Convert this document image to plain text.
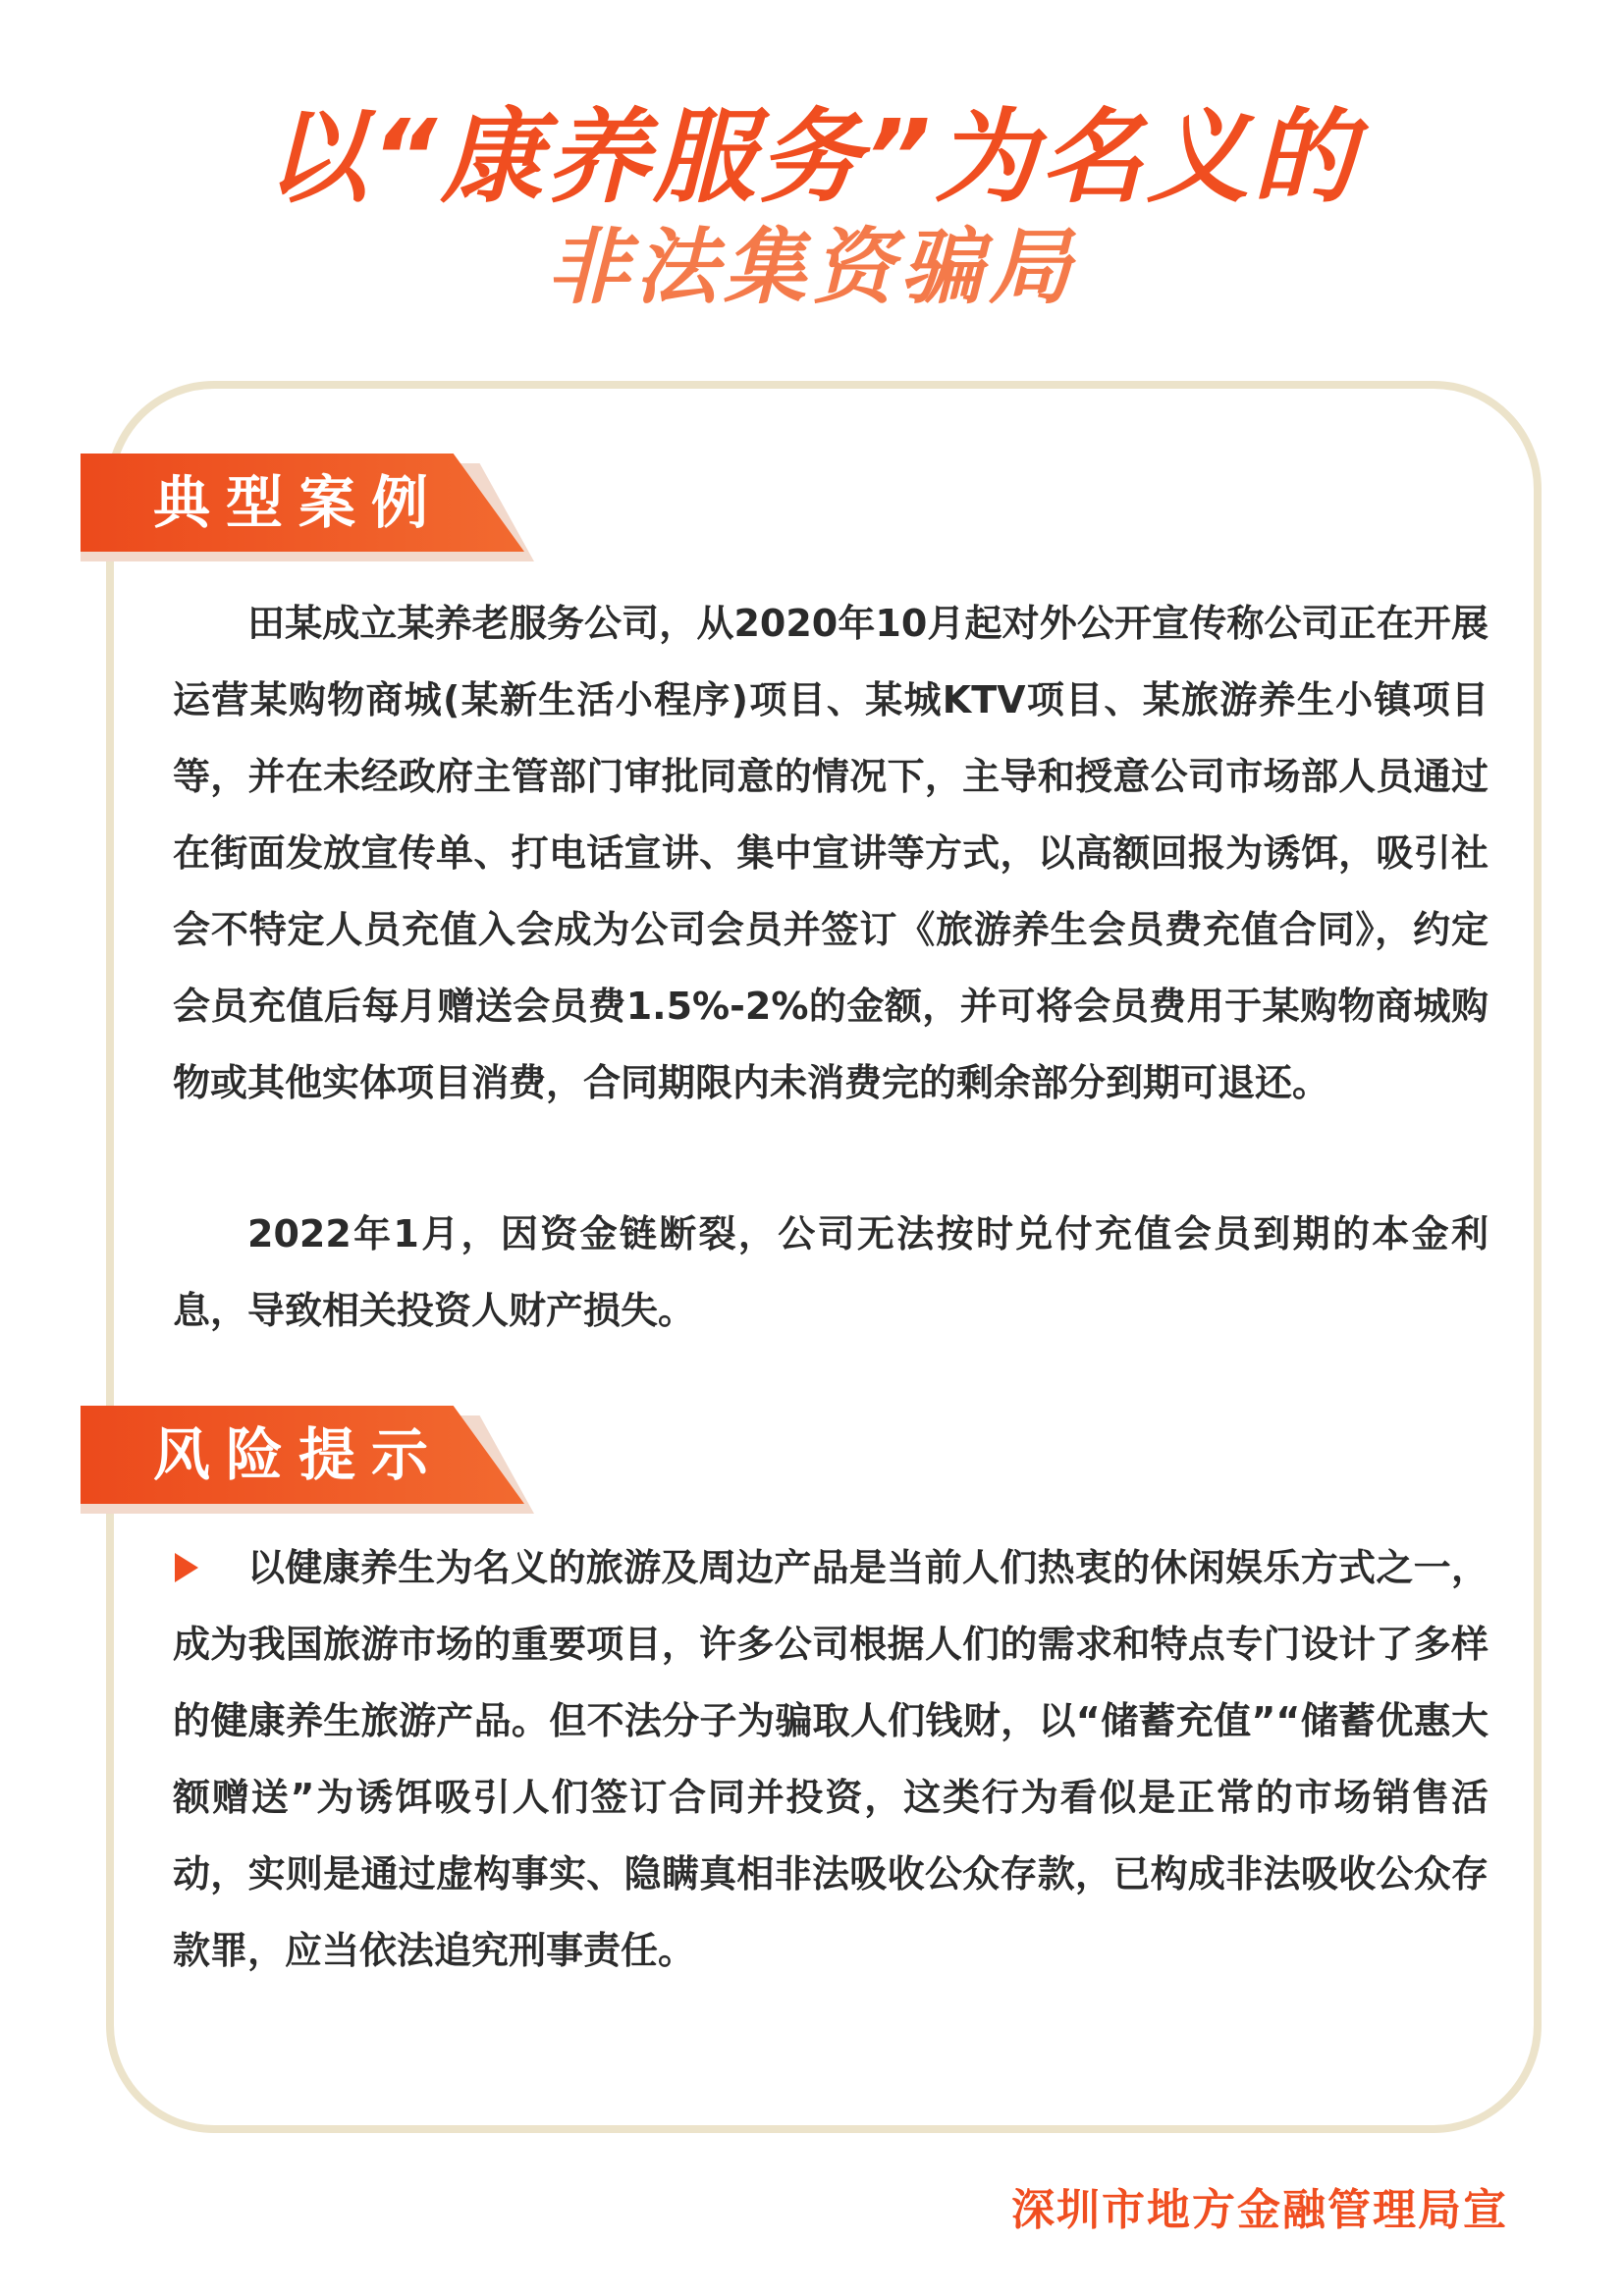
以“康养服务”为名义的
非法集资骗局
典型案例

田某成立某养老服务公司，从2020年10月起对外公开宣传称公司正在开展运营某购物商城(某新生活小程序)项目、某城KTV项目、某旅游养生小镇项目等，并在未经政府主管部门审批同意的情况下，主导和授意公司市场部人员通过在街面发放宣传单、打电话宣讲、集中宣讲等方式，以高额回报为诱饵，吸引社会不特定人员充值入会成为公司会员并签订《旅游养生会员费充值合同》，约定会员充值后每月赠送会员费1.5%-2%的金额，并可将会员费用于某购物商城购物或其他实体项目消费，合同期限内未消费完的剩余部分到期可退还。

2022年1月，因资金链断裂，公司无法按时兑付充值会员到期的本金利息，导致相关投资人财产损失。

风险提示

以健康养生为名义的旅游及周边产品是当前人们热衷的休闲娱乐方式之一，成为我国旅游市场的重要项目，许多公司根据人们的需求和特点专门设计了多样的健康养生旅游产品。但不法分子为骗取人们钱财，以“储蓄充值”“储蓄优惠大额赠送”为诱饵吸引人们签订合同并投资，这类行为看似是正常的市场销售活动，实则是通过虚构事实、隐瞒真相非法吸收公众存款，已构成非法吸收公众存款罪，应当依法追究刑事责任。

深圳市地方金融管理局宣
